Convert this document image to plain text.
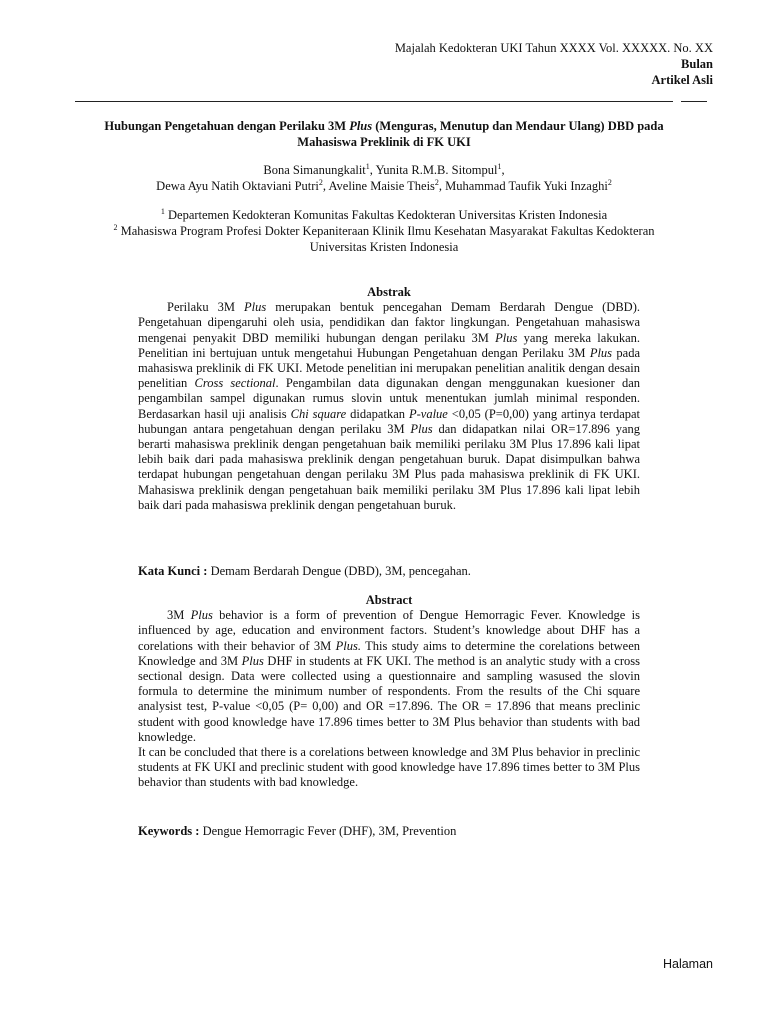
Majalah Kedokteran UKI Tahun XXXX Vol. XXXXX. No. XX
Bulan
Artikel Asli
Hubungan Pengetahuan dengan Perilaku 3M Plus (Menguras, Menutup dan Mendaur Ulang) DBD pada
Mahasiswa Preklinik di FK UKI
Bona Simanungkalit$^1$, Yunita R.M.B. Sitompul$^1$,
Dewa Ayu Natih Oktaviani Putri$^2$, Aveline Maisie Theis$^2$, Muhammad Taufik Yuki Inzaghi$^2$
$^1$ Departemen Kedokteran Komunitas Fakultas Kedokteran Universitas Kristen Indonesia
$^2$ Mahasiswa Program Profesi Dokter Kepaniteraan Klinik Ilmu Kesehatan Masyarakat Fakultas Kedokteran
Universitas Kristen Indonesia
Abstrak

Perilaku 3M Plus merupakan bentuk pencegahan Demam Berdarah Dengue (DBD). Pengetahuan dipengaruhi oleh usia, pendidikan dan faktor lingkungan. Pengetahuan mahasiswa mengenai penyakit DBD memiliki hubungan dengan perilaku 3M Plus yang mereka lakukan. Penelitian ini bertujuan untuk mengetahui Hubungan Pengetahuan dengan Perilaku 3M Plus pada mahasiswa preklinik di FK UKI. Metode penelitian ini merupakan penelitian analitik dengan desain penelitian Cross sectional. Pengambilan data digunakan dengan menggunakan kuesioner dan pengambilan sampel digunakan rumus slovin untuk menentukan jumlah minimal responden. Berdasarkan hasil uji analisis Chi square didapatkan P-value <0,05 (P=0,00) yang artinya terdapat hubungan antara pengetahuan dengan perilaku 3M Plus dan didapatkan nilai OR=17.896 yang berarti mahasiswa preklinik dengan pengetahuan baik memiliki perilaku 3M Plus 17.896 kali lipat lebih baik dari pada mahasiswa preklinik dengan pengetahuan buruk. Dapat disimpulkan bahwa terdapat hubungan pengetahuan dengan perilaku 3M Plus pada mahasiswa preklinik di FK UKI. Mahasiswa preklinik dengan pengetahuan baik memiliki perilaku 3M Plus 17.896 kali lipat lebih baik dari pada mahasiswa preklinik dengan pengetahuan buruk.

Kata Kunci : Demam Berdarah Dengue (DBD), 3M, pencegahan.
Abstract

3M Plus behavior is a form of prevention of Dengue Hemorragic Fever. Knowledge is influenced by age, education and environment factors. Student’s knowledge about DHF has a corelations with their behavior of 3M Plus. This study aims to determine the corelations between Knowledge and 3M Plus DHF in students at FK UKI. The method is an analytic study with a cross sectional design. Data were collected using a questionnaire and sampling wasused the slovin formula to determine the minimum number of respondents. From the results of the Chi square analysist test, P-value <0,05 (P= 0,00) and OR =17.896. The OR = 17.896 that means preclinic student with good knowledge have 17.896 times better to 3M Plus behavior than students with bad knowledge.

It can be concluded that there is a corelations between knowledge and 3M Plus behavior in preclinic students at FK UKI and preclinic student with good knowledge have 17.896 times better to 3M Plus behavior than students with bad knowledge.

Keywords : Dengue Hemorragic Fever (DHF), 3M, Prevention
Halaman
